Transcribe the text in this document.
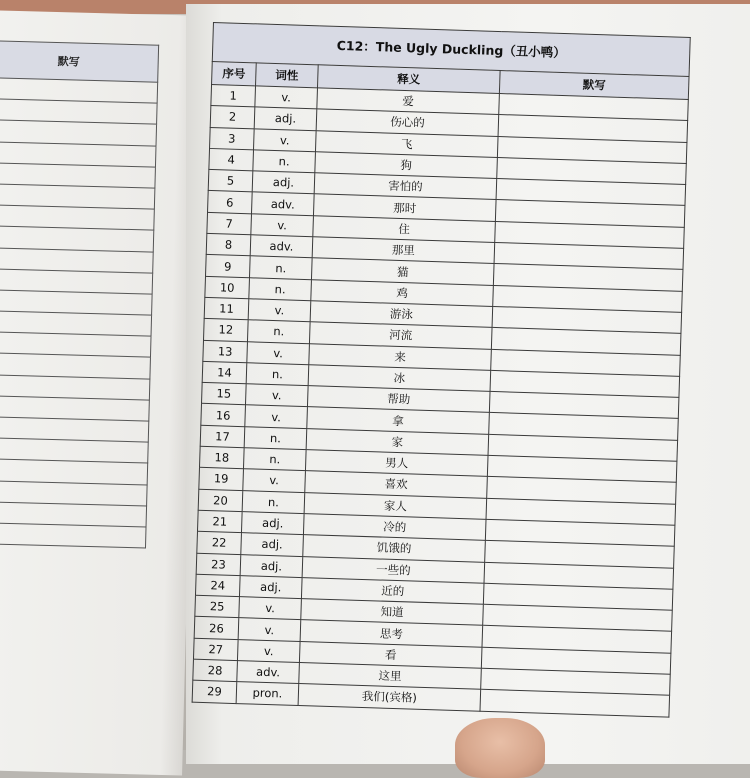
默写

C12：The Ugly Duckling（丑小鸭）			
序号	词性	释义	默写
1	v.	爱	
2	adj.	伤心的	
3	v.	飞	
4	n.	狗	
5	adj.	害怕的	
6	adv.	那时	
7	v.	住	
8	adv.	那里	
9	n.	猫	
10	n.	鸡	
11	v.	游泳	
12	n.	河流	
13	v.	来	
14	n.	冰	
15	v.	帮助	
16	v.	拿	
17	n.	家	
18	n.	男人	
19	v.	喜欢	
20	n.	家人	
21	adj.	冷的	
22	adj.	饥饿的	
23	adj.	一些的	
24	adj.	近的	
25	v.	知道	
26	v.	思考	
27	v.	看	
28	adv.	这里	
29	pron.	我们(宾格)	
